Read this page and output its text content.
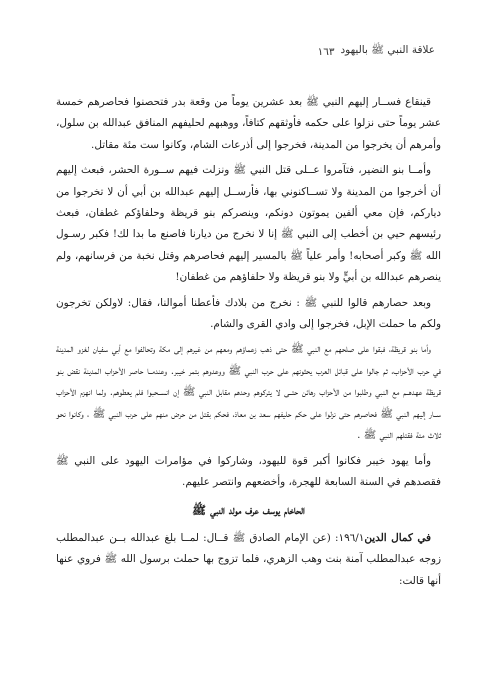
علاقة النبي ﷺ باليهود
١٦٣

قينقاع فســار إليهم النبي ﷺ بعد عشرين يوماً من وقعة بدر فتحصنوا فحاصرهم خمسة عشر يوماً حتى نزلوا على حكمه فأوثقهم كتافاً، ووهبهم لحليفهم المنافق عبدالله بن سلول، وأمرهم أن يخرجوا من المدينة، فخرجوا إلى أذرعات الشام، وكانوا ست مئة مقاتل.

وأمــا بنو النضير، فتآمروا عــلى قتل النبي ﷺ ونزلت فيهم ســورة الحشر، فبعث إليهم أن أخرجوا من المدينة ولا تســاكنوني بها، فأرســل إليهم عبدالله بن أبي أن لا تخرجوا من دياركم، فإن معي ألفين يموتون دونكم، وينصركم بنو قريظة وحلفاؤكم غطفان، فبعث رئيسهم حيي بن أخطب إلى النبي ﷺ إنا لا نخرج من ديارنا فاصنع ما بدا لك! فكبر رسـول الله ﷺ وكبر أصحابه! وأمر علياً ﷺ بالمسير إليهم فحاصرهم وقتل نخبة من فرسانهم، ولم ينصرهم عبدالله بن أبيٍّ ولا بنو قريظة ولا حلفاؤهم من غطفان!

وبعد حصارهم قالوا للنبي ﷺ : نخرج من بلادك فأعطنا أموالنا، فقال: لاولكن تخرجون ولكم ما حملت الإبل، فخرجوا إلى وادي القرى والشام.

وأما بنو قريظة، فبقوا على صلحهم مع النبي ﷺ حتى ذهب زعماؤهم ومعهم من غيرهم إلى مكة وتحالفوا مع أبي سفيان لغزو المدينة في حرب الأحزاب، ثم جالوا على قبائل العرب يحثونهم على حرب النبي ﷺ ووعدوهم بتمر خيبر. وعندمــا حاصر الأحزاب المدينة نقض بنو قريظة عهدهــم مع النبي وطلبوا من الأحزاب رهائن حتــى لا يتركوهم وحدهم مقابل النبي ﷺ إن انســحبوا فلم يعطوهم. ولما انهزم الأحزاب ســار إليهم النبي ﷺ فحاصرهم حتى نزلوا على حكم حليفهم سعد بن معاذ، فحكم بقتل من حرض منهم على حرب النبي ﷺ ، وكانوا نحو ثلاث مئة فقتلهم النبي ﷺ .

وأما يهود خيبر فكانوا أكبر قوة لليهود، وشاركوا في مؤامرات اليهود على النبي ﷺ فقصدهم في السنة السابعة للهجرة، وأخضعهم وانتصر عليهم.

الحاخام يوسف عرف مولد النبي ﷺ

في كمال الدين١٩٦/١: (عن الإمام الصادق ﷺ قــال: لمــا بلغ عبدالله بــن عبدالمطلب زوجه عبدالمطلب آمنة بنت وهب الزهري، فلما تزوج بها حملت برسول الله ﷺ فروي عنها أنها قالت:
